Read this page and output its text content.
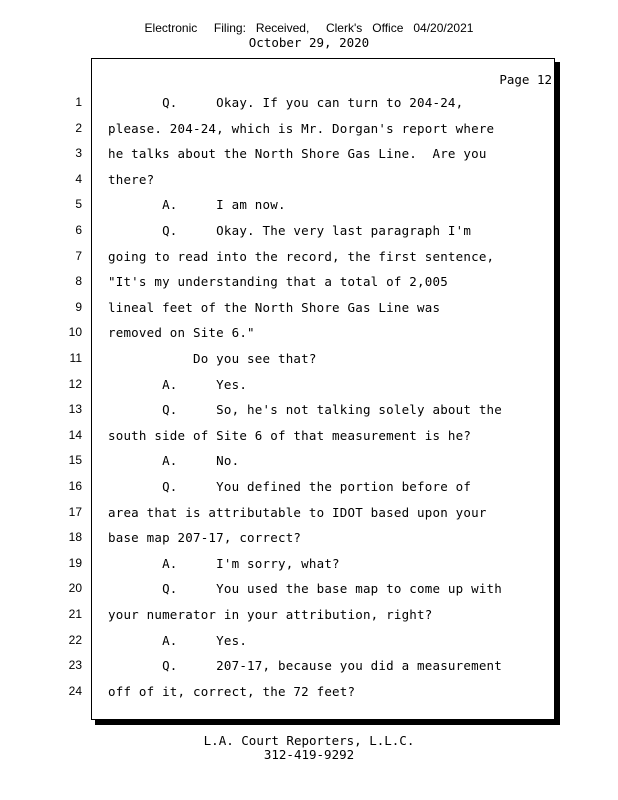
Electronic     Filing:   Received,     Clerk's   Office   04/20/2021
October 29, 2020
Page 12
1 Q.     Okay. If you can turn to 204-24,
2 please. 204-24, which is Mr. Dorgan's report where
3 he talks about the North Shore Gas Line.  Are you
4 there?
5 A.     I am now.
6 Q.     Okay. The very last paragraph I'm
7 going to read into the record, the first sentence,
8 "It's my understanding that a total of 2,005
9 lineal feet of the North Shore Gas Line was
10 removed on Site 6."
11 Do you see that?
12 A.     Yes.
13 Q.     So, he's not talking solely about the
14 south side of Site 6 of that measurement is he?
15 A.     No.
16 Q.     You defined the portion before of
17 area that is attributable to IDOT based upon your
18 base map 207-17, correct?
19 A.     I'm sorry, what?
20 Q.     You used the base map to come up with
21 your numerator in your attribution, right?
22 A.     Yes.
23 Q.     207-17, because you did a measurement
24 off of it, correct, the 72 feet?
L.A. Court Reporters, L.L.C.
312-419-9292
